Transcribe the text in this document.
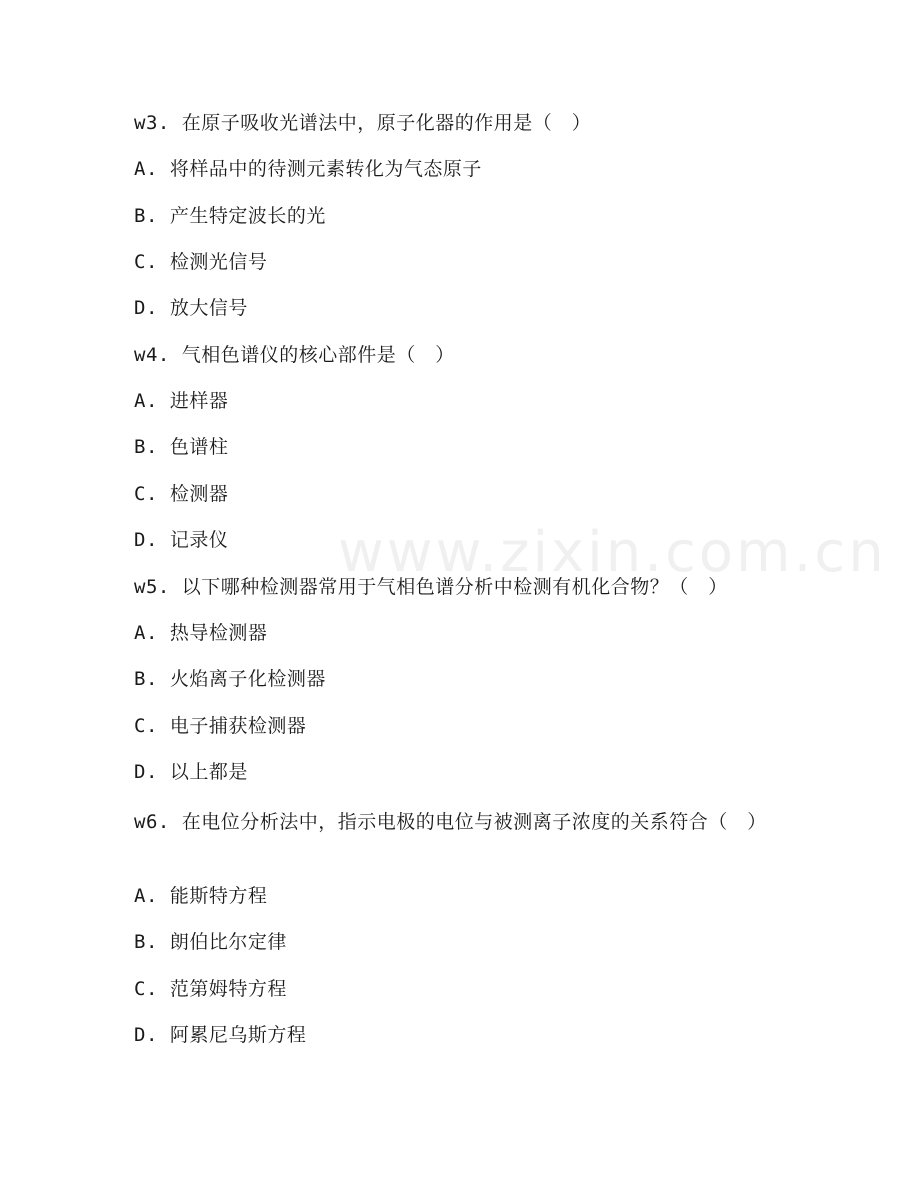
www.zixin.com.cn
w3. 在原子吸收光谱法中，原子化器的作用是（　）
A. 将样品中的待测元素转化为气态原子
B. 产生特定波长的光
C. 检测光信号
D. 放大信号
w4. 气相色谱仪的核心部件是（　）
A. 进样器
B. 色谱柱
C. 检测器
D. 记录仪
w5. 以下哪种检测器常用于气相色谱分析中检测有机化合物？（　）
A. 热导检测器
B. 火焰离子化检测器
C. 电子捕获检测器
D. 以上都是
w6. 在电位分析法中，指示电极的电位与被测离子浓度的关系符合（　）
A. 能斯特方程
B. 朗伯比尔定律
C. 范第姆特方程
D. 阿累尼乌斯方程
